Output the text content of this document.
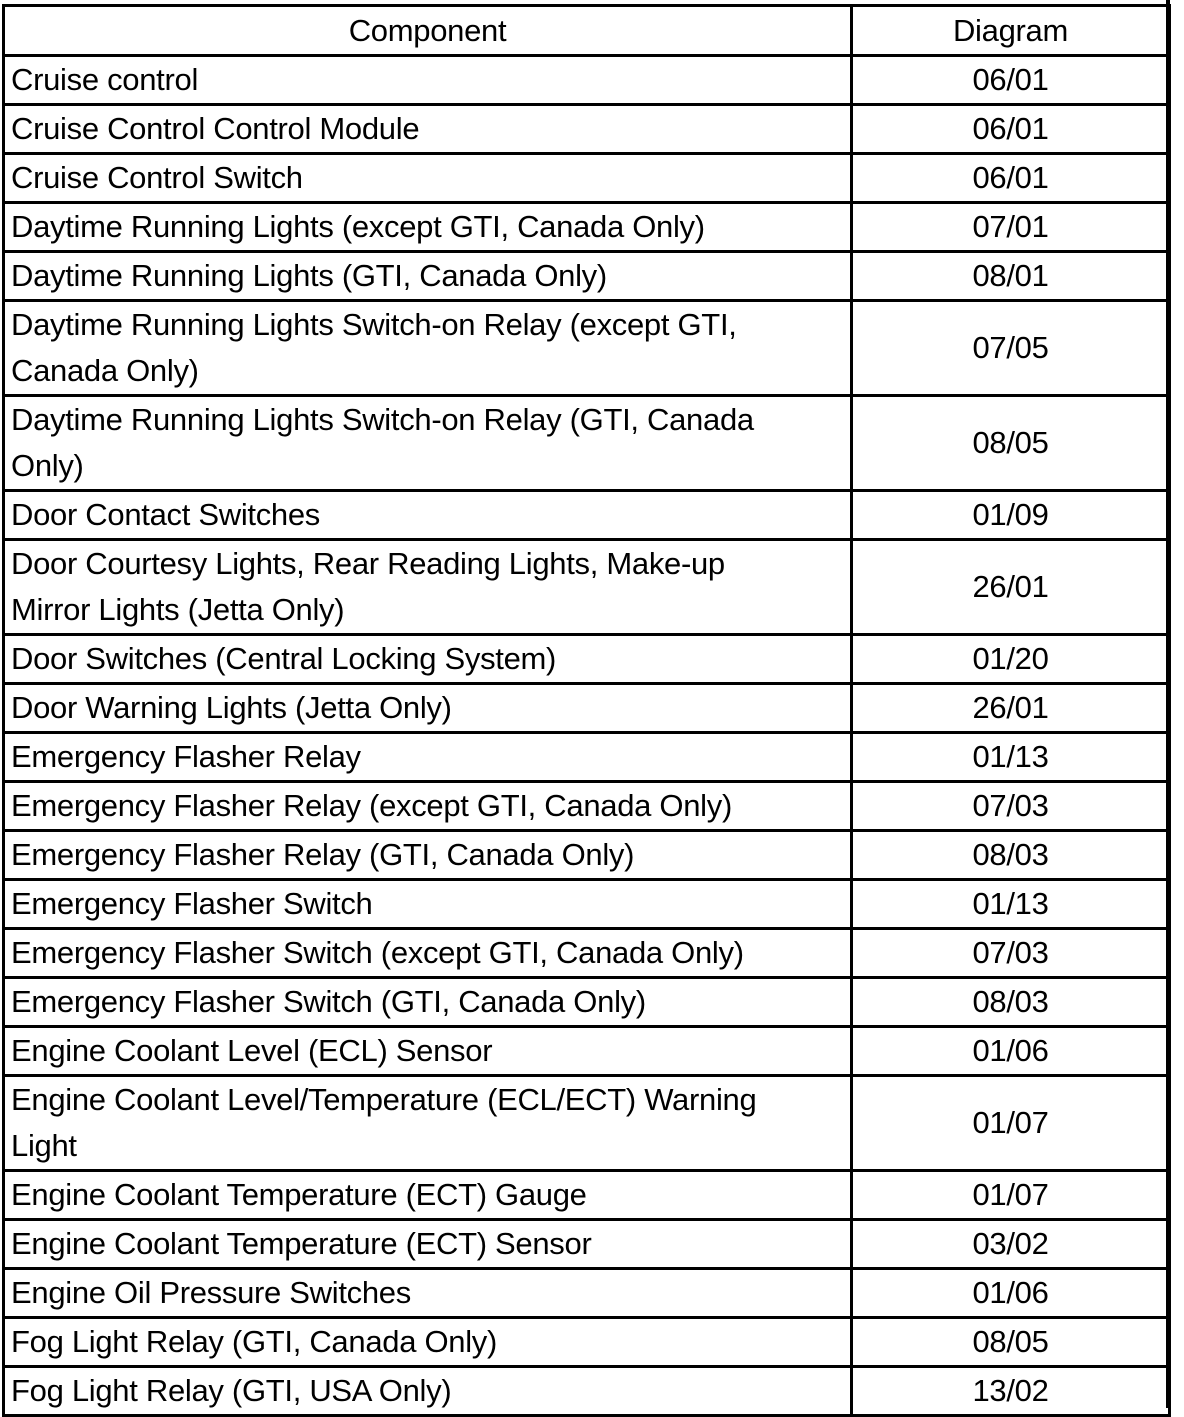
Component	Diagram
Cruise control	06/01
Cruise Control Control Module	06/01
Cruise Control Switch	06/01
Daytime Running Lights (except GTI, Canada Only)	07/01
Daytime Running Lights (GTI, Canada Only)	08/01

Daytime Running Lights Switch-on Relay (except GTI,
Canada Only)	07/05

Daytime Running Lights Switch-on Relay (GTI, Canada
Only)	08/05
Door Contact Switches	01/09

Door Courtesy Lights, Rear Reading Lights, Make-up
Mirror Lights (Jetta Only)	26/01
Door Switches (Central Locking System)	01/20
Door Warning Lights (Jetta Only)	26/01
Emergency Flasher Relay	01/13
Emergency Flasher Relay (except GTI, Canada Only)	07/03
Emergency Flasher Relay (GTI, Canada Only)	08/03
Emergency Flasher Switch	01/13
Emergency Flasher Switch (except GTI, Canada Only)	07/03
Emergency Flasher Switch (GTI, Canada Only)	08/03
Engine Coolant Level (ECL) Sensor	01/06

Engine Coolant Level/Temperature (ECL/ECT) Warning
Light	01/07
Engine Coolant Temperature (ECT) Gauge	01/07
Engine Coolant Temperature (ECT) Sensor	03/02
Engine Oil Pressure Switches	01/06
Fog Light Relay (GTI, Canada Only)	08/05
Fog Light Relay (GTI, USA Only)	13/02
